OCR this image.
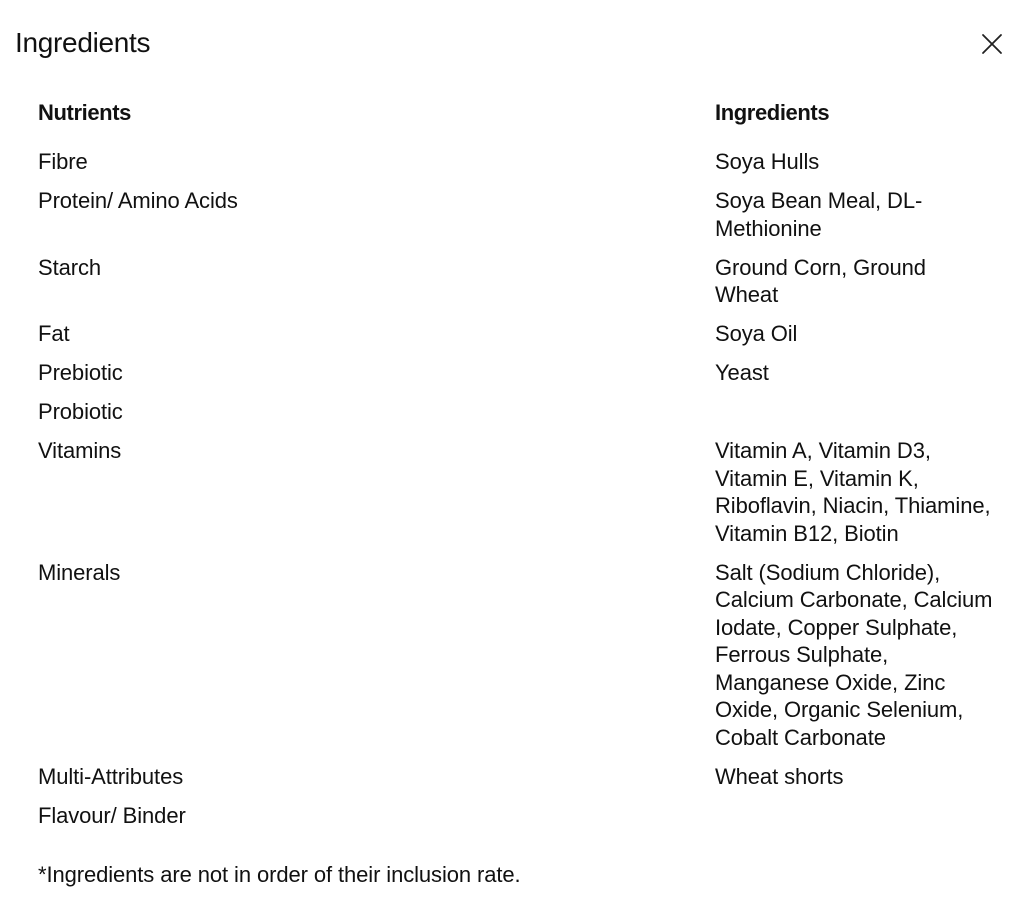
Ingredients
Nutrients	Ingredients
Fibre	Soya Hulls
Protein/ Amino Acids	Soya Bean Meal, DL-
Methionine
Starch	Ground Corn, Ground
Wheat
Fat	Soya Oil
Prebiotic	Yeast
Probiotic
Vitamins	Vitamin A, Vitamin D3,
Vitamin E, Vitamin K,
Riboflavin, Niacin, Thiamine,
Vitamin B12, Biotin
Minerals	Salt (Sodium Chloride),
Calcium Carbonate, Calcium
Iodate, Copper Sulphate,
Ferrous Sulphate,
Manganese Oxide, Zinc
Oxide, Organic Selenium,
Cobalt Carbonate
Multi-Attributes	Wheat shorts
Flavour/ Binder
*Ingredients are not in order of their inclusion rate.
